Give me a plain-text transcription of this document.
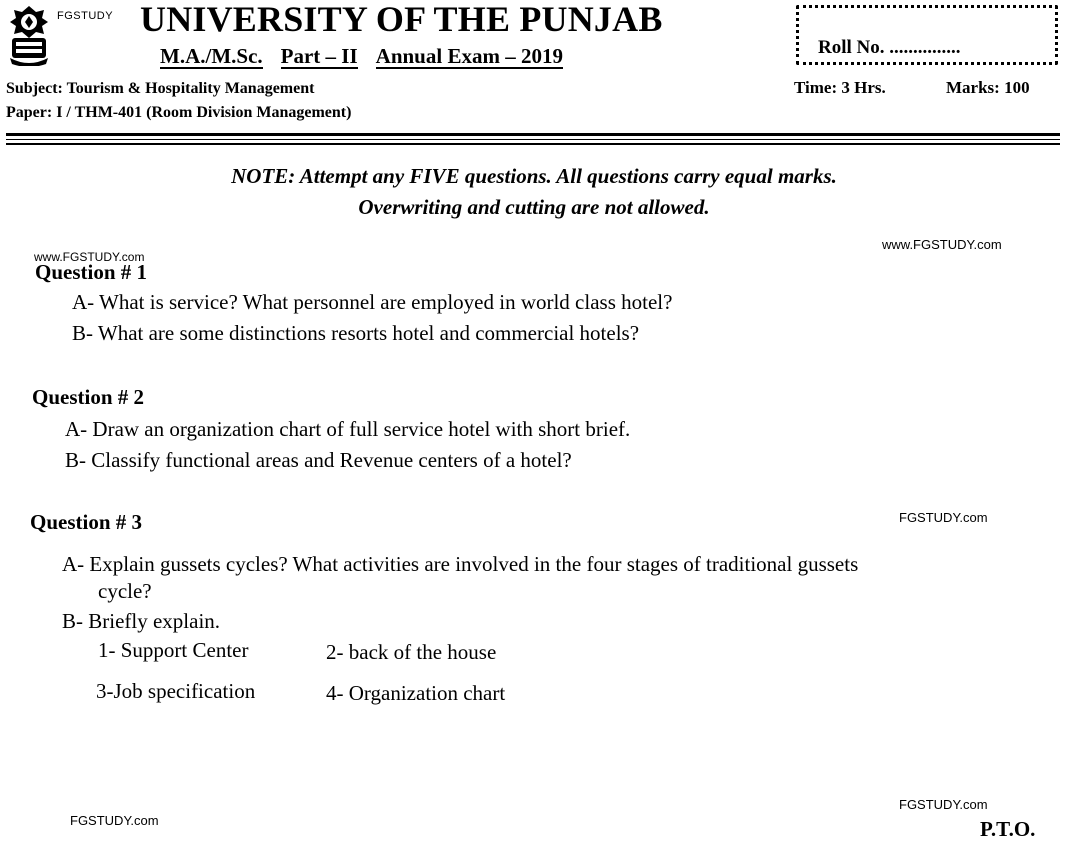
FGSTUDY UNIVERSITY OF THE PUNJAB
M.A./M.Sc. Part – II Annual Exam – 2019	Roll No. ...............
Time: 3 Hrs.	Marks: 100
Subject: Tourism & Hospitality Management
Paper: I / THM-401 (Room Division Management)
NOTE: Attempt any FIVE questions. All questions carry equal marks.
Overwriting and cutting are not allowed.
www.FGSTUDY.com
www.FGSTUDY.com
Question # 1
A- What is service? What personnel are employed in world class hotel?
B- What are some distinctions resorts hotel and commercial hotels?
Question # 2
A- Draw an organization chart of full service hotel with short brief.
B- Classify functional areas and Revenue centers of a hotel?
Question # 3	FGSTUDY.com
A- Explain gussets cycles? What activities are involved in the four stages of traditional gussets
cycle?
B- Briefly explain.
1- Support Center	2- back of the house
3-Job specification	4- Organization chart
FGSTUDY.com
FGSTUDY.com	P.T.O.
